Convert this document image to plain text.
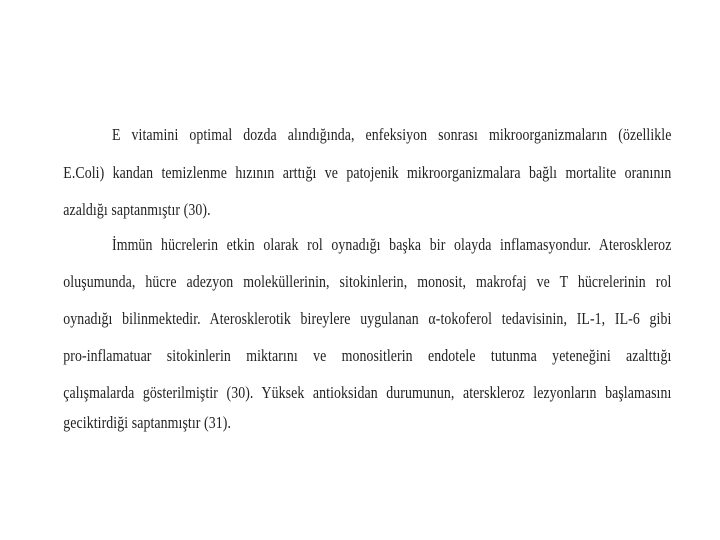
E vitamini optimal dozda alındığında, enfeksiyon sonrası mikroorganizmaların (özellikle
E.Coli) kandan temizlenme hızının arttığı ve patojenik mikroorganizmalara bağlı mortalite oranının
azaldığı saptanmıştır (30).
İmmün hücrelerin etkin olarak rol oynadığı başka bir olayda inflamasyondur. Ateroskleroz
oluşumunda, hücre adezyon moleküllerinin, sitokinlerin, monosit, makrofaj ve T hücrelerinin rol
oynadığı bilinmektedir. Aterosklerotik bireylere uygulanan α-tokoferol tedavisinin, IL-1, IL-6 gibi
pro-inflamatuar sitokinlerin miktarını ve monositlerin endotele tutunma yeteneğini azalttığı
çalışmalarda gösterilmiştir (30). Yüksek antioksidan durumunun, aterskleroz lezyonların başlamasını
geciktirdiği saptanmıştır (31).
